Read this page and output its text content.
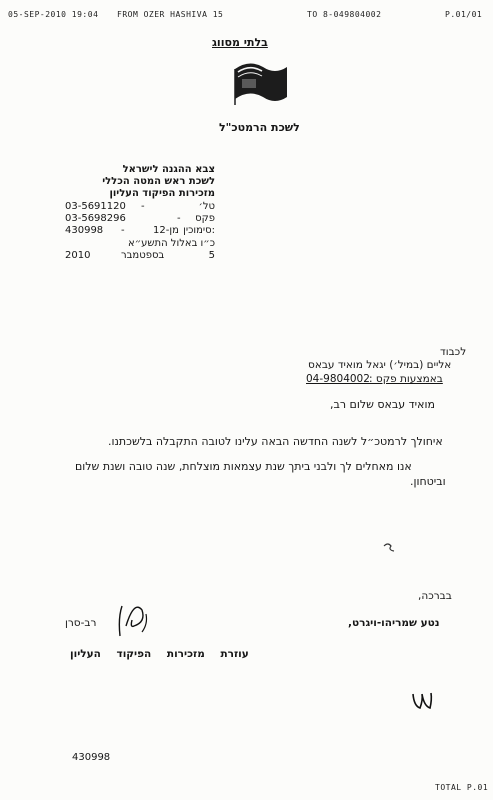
05-SEP-2010 19:04 FROM OZER HASHIVA 15	TO 8-049804002	P.01/01
בלתי מסווג
לשכת הרמטכ"ל
צבא ההגנה לישראל
לשכת ראש המטה הכללי
מזכירות הפיקוד העליון
טל׳
-
03-5691120
פקס
-
03-5698296
סימוכין:
מן-12
-
430998
כ״ו באלול התשע״א
5
בספטמבר
2010
לכבוד
אליים (במיל׳) יגאל מואיד עבאס
04-9804002 באמצעות פקס :
מואיד עבאס שלום רב,
איחולך לרמטכ״ל לשנה החדשה הבאה עלינו לטובה התקבלה בלשכתנו.
אנו מאחלים לך ולבני ביתך שנת עצמאות מוצלחת, שנה טובה ושנת שלום
וביטחון.
בברכה,
נטע שמריהו-ויגרט,
רב-סרן
עוזרת מזכירות הפיקוד העליון
430998
TOTAL P.01
